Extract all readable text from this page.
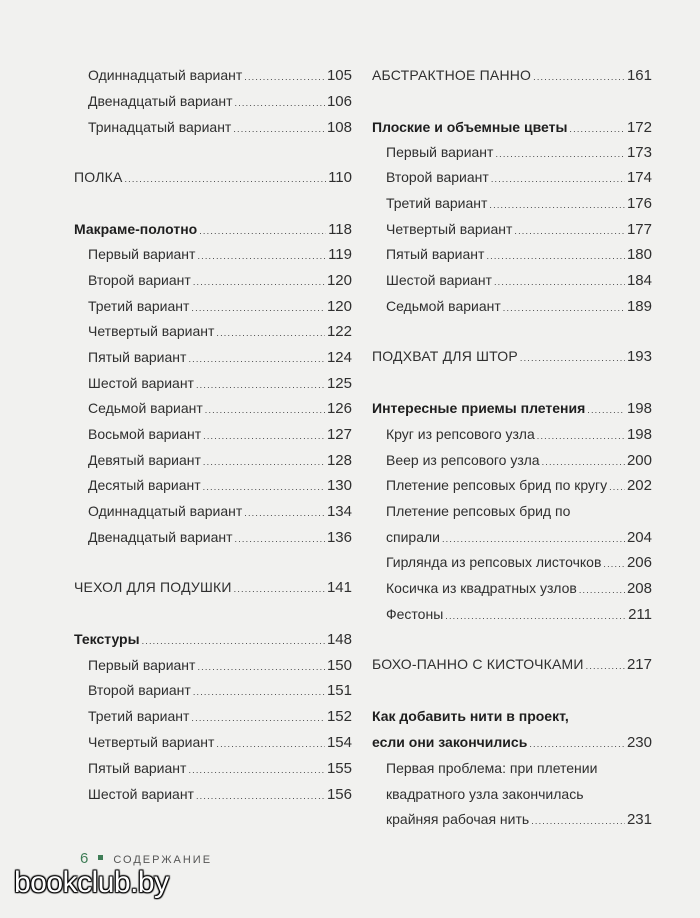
Одиннадцатый вариант .....	105
Двенадцатый вариант .....	106
Тринадцатый вариант .....	108
ПОЛКА .....	110
Макраме-полотно .....	118
Первый вариант .....	119
Второй вариант .....	120
Третий вариант .....	120
Четвертый вариант .....	122
Пятый вариант .....	124
Шестой вариант .....	125
Седьмой вариант .....	126
Восьмой вариант .....	127
Девятый вариант .....	128
Десятый вариант .....	130
Одиннадцатый вариант .....	134
Двенадцатый вариант .....	136
ЧЕХОЛ ДЛЯ ПОДУШКИ .....	141
Текстуры .....	148
Первый вариант .....	150
Второй вариант .....	151
Третий вариант .....	152
Четвертый вариант .....	154
Пятый вариант .....	155
Шестой вариант .....	156
АБСТРАКТНОЕ ПАННО .....	161
Плоские и объемные цветы .....	172
Первый вариант .....	173
Второй вариант .....	174
Третий вариант .....	176
Четвертый вариант .....	177
Пятый вариант .....	180
Шестой вариант .....	184
Седьмой вариант .....	189
ПОДХВАТ ДЛЯ ШТОР .....	193
Интересные приемы плетения .....	198
Круг из репсового узла .....	198
Веер из репсового узла .....	200
Плетение репсовых брид по кругу ..... 202
Плетение репсовых брид по
спирали .....	204
Гирлянда из репсовых листочков ..... 206
Косичка из квадратных узлов .....	208
Фестоны .....	211
БОХО-ПАННО С КИСТОЧКАМИ .....	217
Как добавить нити в проект,
если они закончились .....	230
Первая проблема: при плетении
квадратного узла закончилась
крайняя рабочая нить .....	231
6 СОДЕРЖАНИЕ
bookclub.by
